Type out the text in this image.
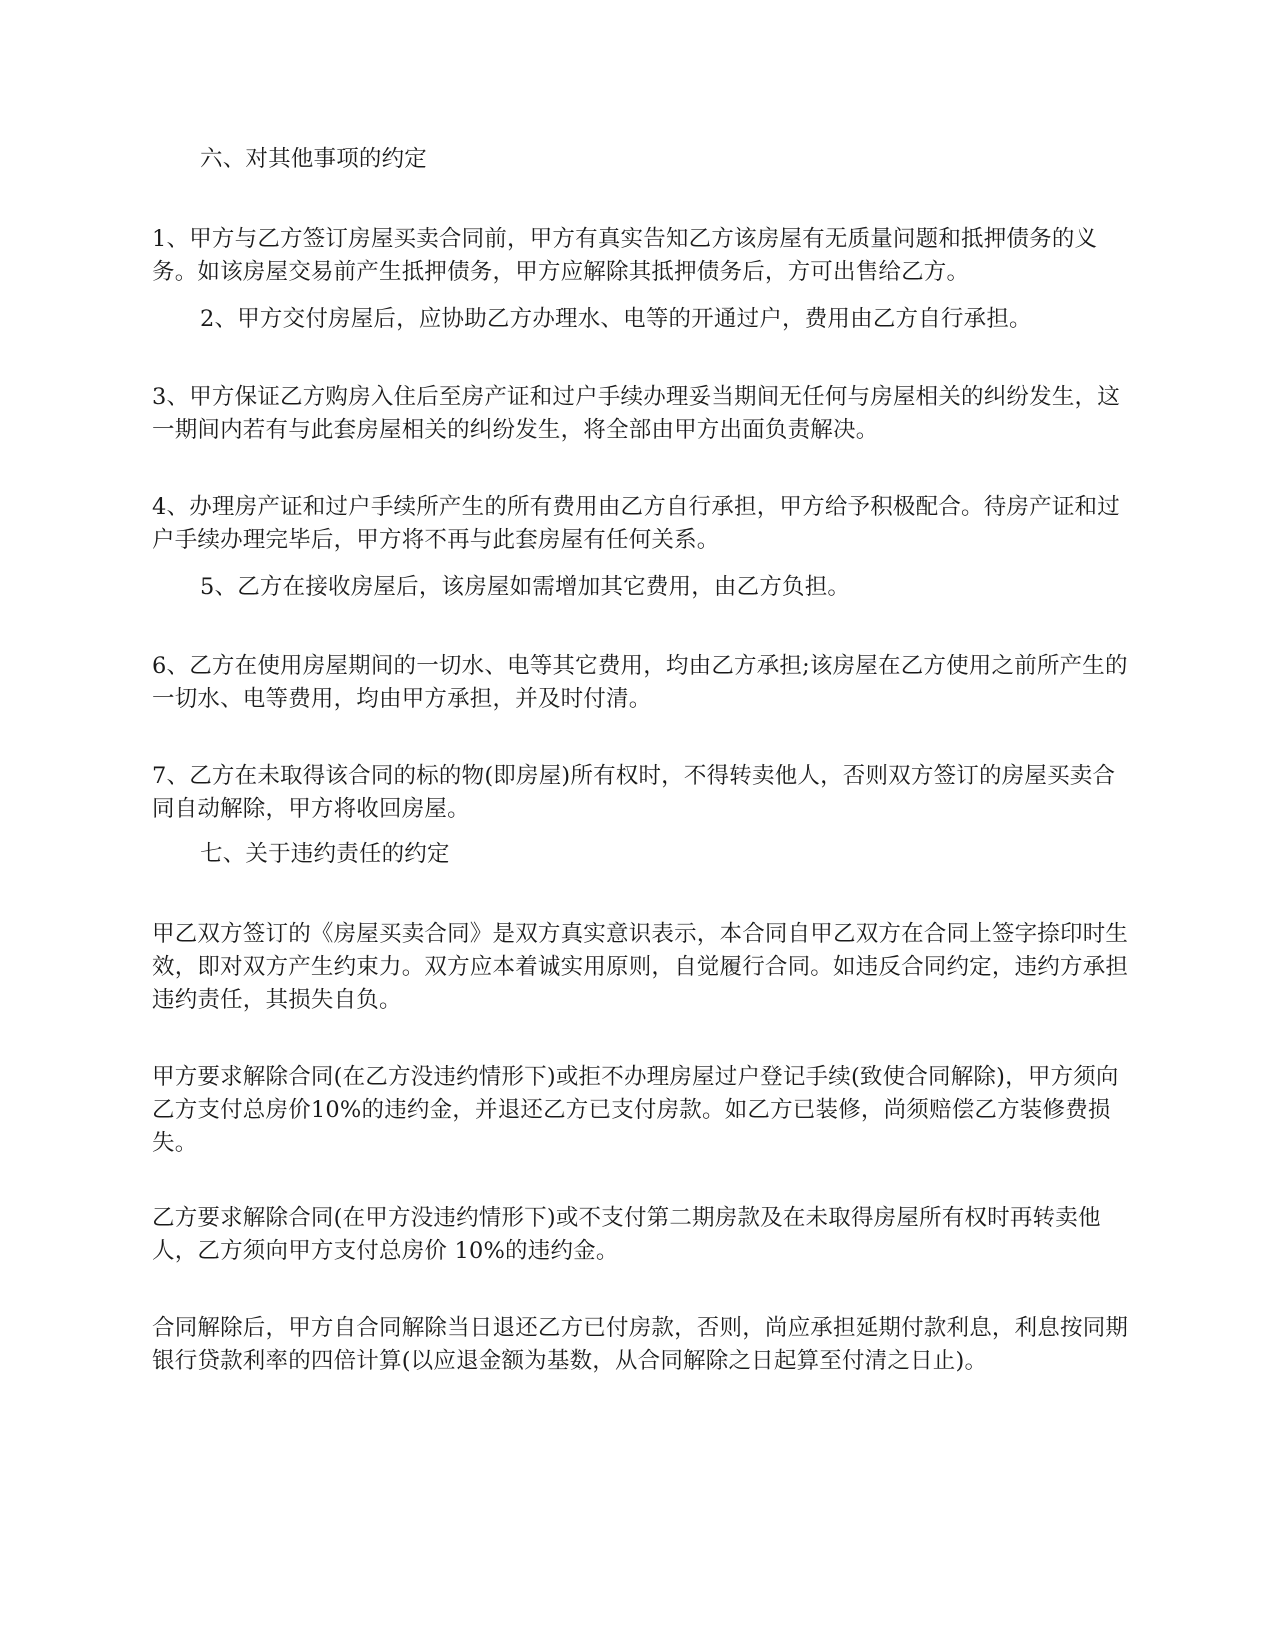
六、对其他事项的约定

1、甲方与乙方签订房屋买卖合同前，甲方有真实告知乙方该房屋有无质量问题和抵押债务的义务。如该房屋交易前产生抵押债务，甲方应解除其抵押债务后，方可出售给乙方。

2、甲方交付房屋后，应协助乙方办理水、电等的开通过户，费用由乙方自行承担。

3、甲方保证乙方购房入住后至房产证和过户手续办理妥当期间无任何与房屋相关的纠纷发生，这一期间内若有与此套房屋相关的纠纷发生，将全部由甲方出面负责解决。

4、办理房产证和过户手续所产生的所有费用由乙方自行承担，甲方给予积极配合。待房产证和过户手续办理完毕后，甲方将不再与此套房屋有任何关系。

5、乙方在接收房屋后，该房屋如需增加其它费用，由乙方负担。

6、乙方在使用房屋期间的一切水、电等其它费用，均由乙方承担;该房屋在乙方使用之前所产生的一切水、电等费用，均由甲方承担，并及时付清。

7、乙方在未取得该合同的标的物(即房屋)所有权时，不得转卖他人，否则双方签订的房屋买卖合同自动解除，甲方将收回房屋。

七、关于违约责任的约定

甲乙双方签订的《房屋买卖合同》是双方真实意识表示，本合同自甲乙双方在合同上签字捺印时生效，即对双方产生约束力。双方应本着诚实用原则，自觉履行合同。如违反合同约定，违约方承担违约责任，其损失自负。

甲方要求解除合同(在乙方没违约情形下)或拒不办理房屋过户登记手续(致使合同解除)，甲方须向乙方支付总房价10%的违约金，并退还乙方已支付房款。如乙方已装修，尚须赔偿乙方装修费损失。

乙方要求解除合同(在甲方没违约情形下)或不支付第二期房款及在未取得房屋所有权时再转卖他人，乙方须向甲方支付总房价 10%的违约金。

合同解除后，甲方自合同解除当日退还乙方已付房款，否则，尚应承担延期付款利息，利息按同期银行贷款利率的四倍计算(以应退金额为基数，从合同解除之日起算至付清之日止)。
